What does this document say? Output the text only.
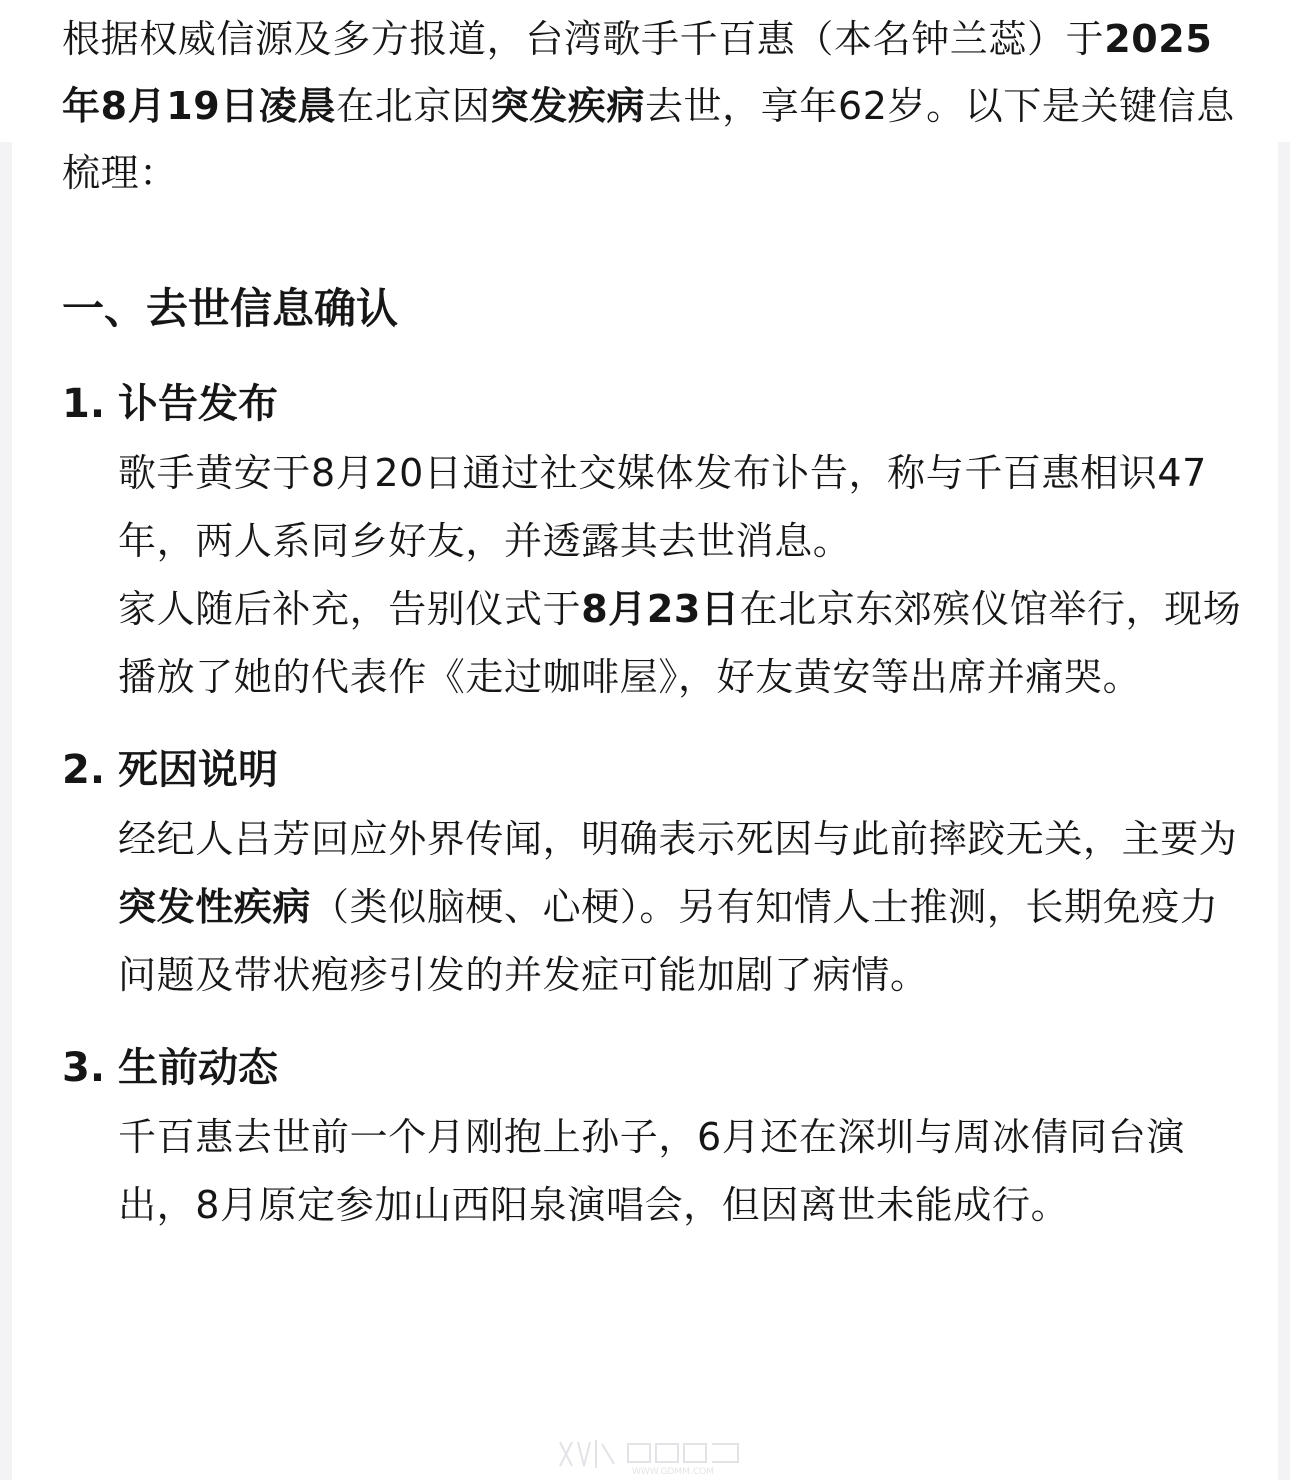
根据权威信源及多方报道，台湾歌手千百惠（本名钟兰蕊）于2025年8月19日凌晨在北京因突发疾病去世，享年62岁。以下是关键信息梳理：

一、去世信息确认
1. 讣告发布

歌手黄安于8月20日通过社交媒体发布讣告，称与千百惠相识47年，两人系同乡好友，并透露其去世消息。

家人随后补充，告别仪式于8月23日在北京东郊殡仪馆举行，现场播放了她的代表作《走过咖啡屋》，好友黄安等出席并痛哭。

2. 死因说明

经纪人吕芳回应外界传闻，明确表示死因与此前摔跤无关，主要为突发性疾病（类似脑梗、心梗）。另有知情人士推测，长期免疫力问题及带状疱疹引发的并发症可能加剧了病情。

3. 生前动态

千百惠去世前一个月刚抱上孙子，6月还在深圳与周冰倩同台演出，8月原定参加山西阳泉演唱会，但因离世未能成行。

WWW.GDMM.COM
